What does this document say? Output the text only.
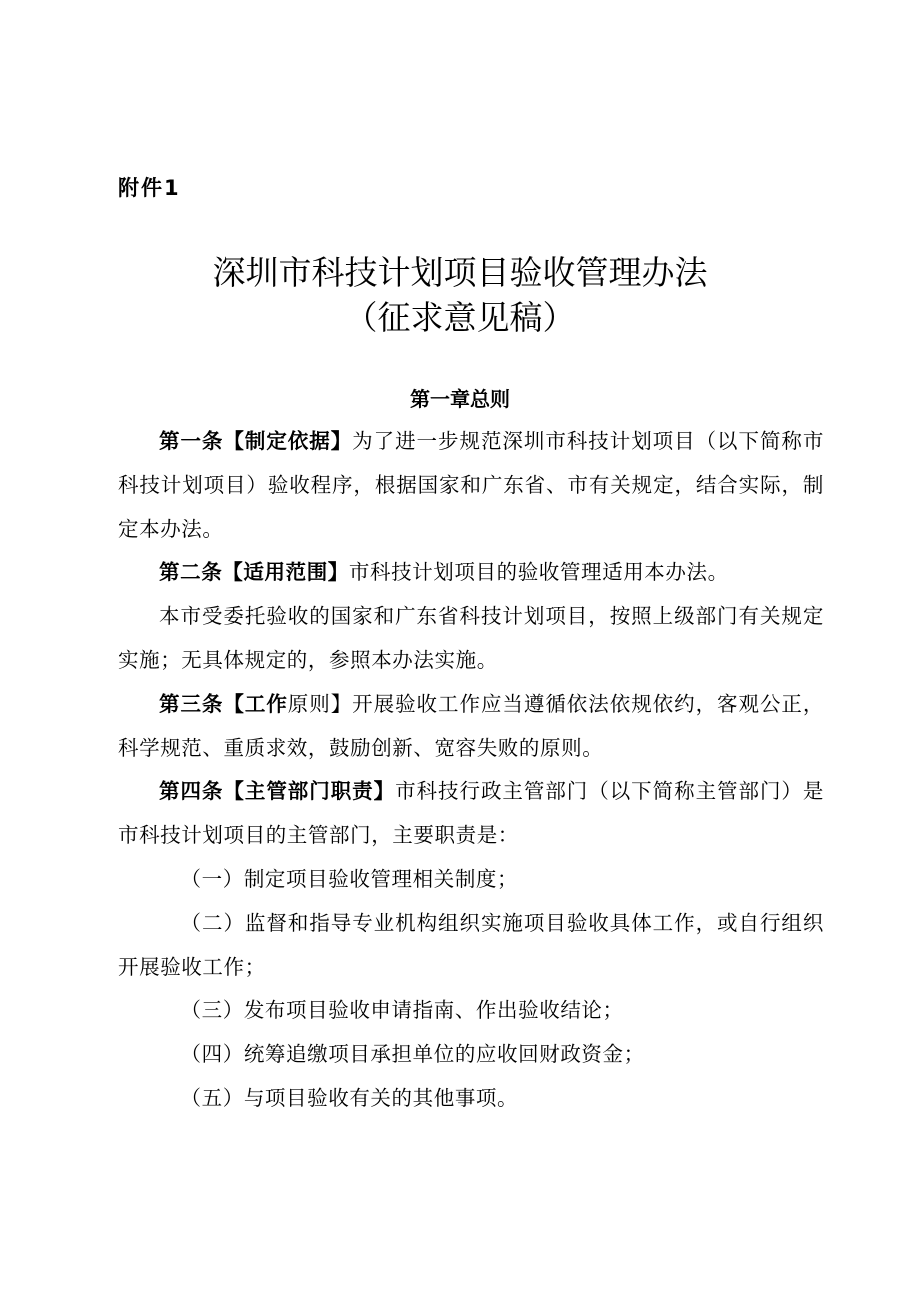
附件1
深圳市科技计划项目验收管理办法
（征求意见稿）
第一章总则

第一条【制定依据】为了进一步规范深圳市科技计划项目（以下简称市科技计划项目）验收程序，根据国家和广东省、市有关规定，结合实际，制定本办法。

第二条【适用范围】市科技计划项目的验收管理适用本办法。

本市受委托验收的国家和广东省科技计划项目，按照上级部门有关规定实施；无具体规定的，参照本办法实施。

第三条【工作原则】开展验收工作应当遵循依法依规依约，客观公正，科学规范、重质求效，鼓励创新、宽容失败的原则。

第四条【主管部门职责】市科技行政主管部门（以下简称主管部门）是市科技计划项目的主管部门，主要职责是：

（一）制定项目验收管理相关制度；

（二）监督和指导专业机构组织实施项目验收具体工作，或自行组织开展验收工作；

（三）发布项目验收申请指南、作出验收结论；

（四）统筹追缴项目承担单位的应收回财政资金；

（五）与项目验收有关的其他事项。
